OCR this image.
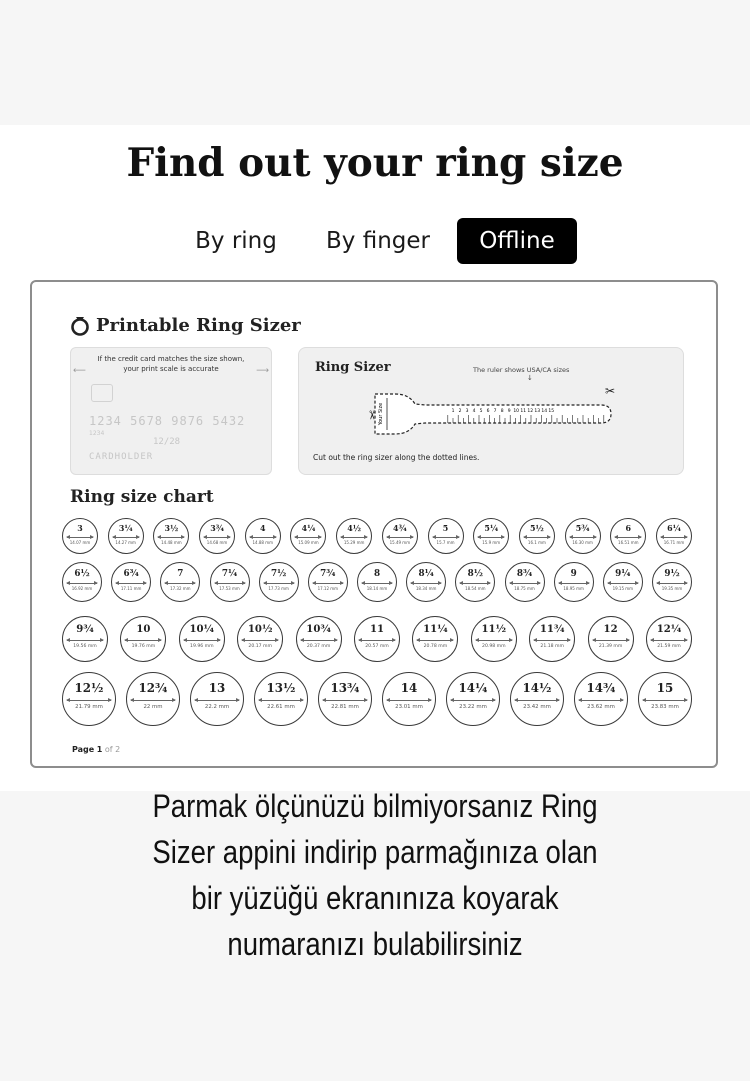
Find out your ring size
By ring	By finger	Offline
Printable Ring Sizer
If the credit card matches the size shown,
your print scale is accurate
⟵	⟶
1234 5678 9876 5432
1234
12/28
CARDHOLDER
Ring Sizer	The ruler shows USA/CA sizes
↓
Your Size	1 2 3 4 5 6 7 8 9 10 11 12 13 14 15
✂
✂
Cut out the ring sizer along the dotted lines.
Ring size chart
3
14.07 mm
3¼
14.27 mm
3½
14.48 mm
3¾
14.68 mm
4
14.88 mm
4¼
15.09 mm
4½
15.29 mm
4¾
15.49 mm
5
15.7 mm
5¼
15.9 mm
5½
16.1 mm
5¾
16.30 mm
6
16.51 mm
6¼
16.71 mm
6½
16.92 mm
6¾
17.11 mm
7
17.32 mm
7¼
17.53 mm
7½
17.73 mm
7¾
17.12 mm
8
18.14 mm
8¼
18.34 mm
8½
18.54 mm
8¾
18.75 mm
9
18.95 mm
9¼
19.15 mm
9½
19.35 mm
9¾
19.56 mm
10
19.76 mm
10¼
19.96 mm
10½
20.17 mm
10¾
20.37 mm
11
20.57 mm
11¼
20.78 mm
11½
20.98 mm
11¾
21.18 mm
12
21.39 mm
12¼
21.59 mm
12½
21.79 mm
12¾
22 mm
13
22.2 mm
13½
22.61 mm
13¾
22.81 mm
14
23.01 mm
14¼
23.22 mm
14½
23.42 mm
14¾
23.62 mm
15
23.83 mm
Page 1 of 2
Parmak ölçünüzü bilmiyorsanız Ring
Sizer appini indirip parmağınıza olan
bir yüzüğü ekranınıza koyarak
numaranızı bulabilirsiniz
